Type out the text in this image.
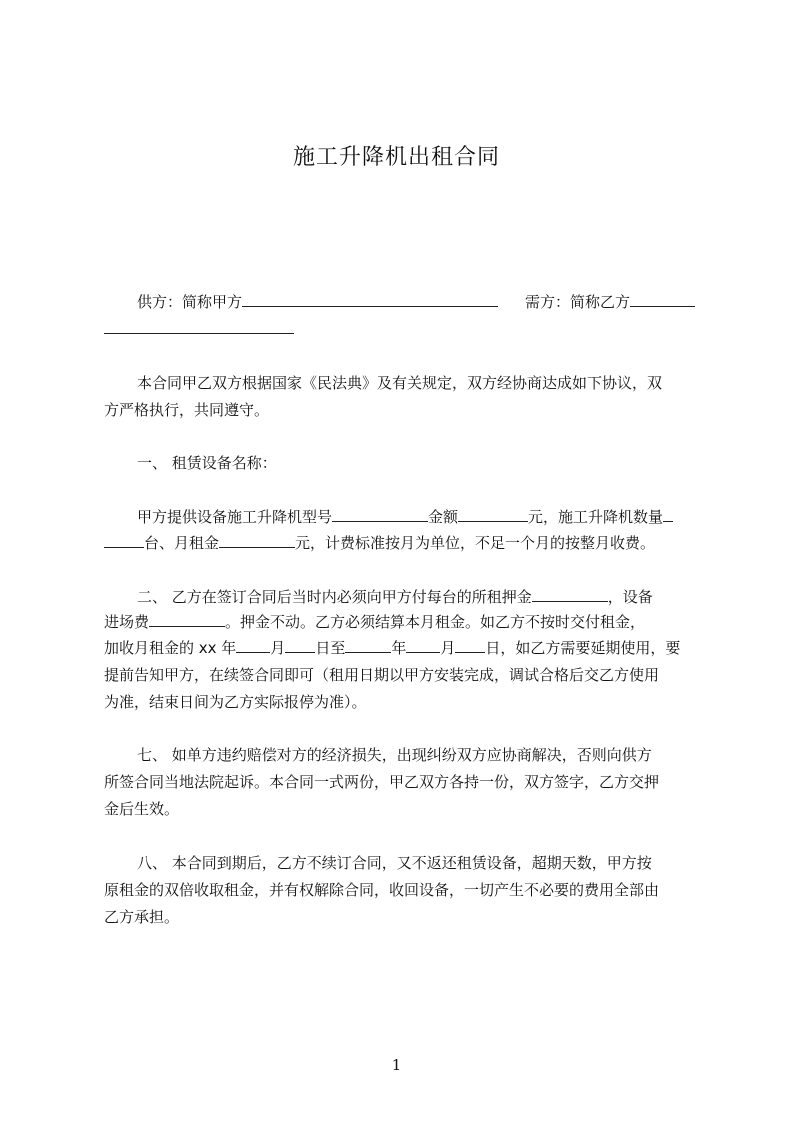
施工升降机出租合同
供方：简称甲方	需方：简称乙方
本合同甲乙双方根据国家《民法典》及有关规定，双方经协商达成如下协议，双
方严格执行，共同遵守。
一、 租赁设备名称：
甲方提供设备施工升降机型号	金额	元，施工升降机数量
台、月租金	元，计费标准按月为单位，不足一个月的按整月收费。
二、 乙方在签订合同后当时内必须向甲方付每台的所租押金	，设备
进场费	。押金不动。乙方必须结算本月租金。如乙方不按时交付租金，
加收月租金的 xx 年 月 日至	年 月 日，如乙方需要延期使用，要
提前告知甲方，在续签合同即可（租用日期以甲方安装完成，调试合格后交乙方使用
为准，结束日间为乙方实际报停为准）。
七、 如单方违约赔偿对方的经济损失，出现纠纷双方应协商解决，否则向供方
所签合同当地法院起诉。本合同一式两份，甲乙双方各持一份，双方签字，乙方交押
金后生效。
八、 本合同到期后，乙方不续订合同，又不返还租赁设备，超期天数，甲方按
原租金的双倍收取租金，并有权解除合同，收回设备，一切产生不必要的费用全部由
乙方承担。
1
